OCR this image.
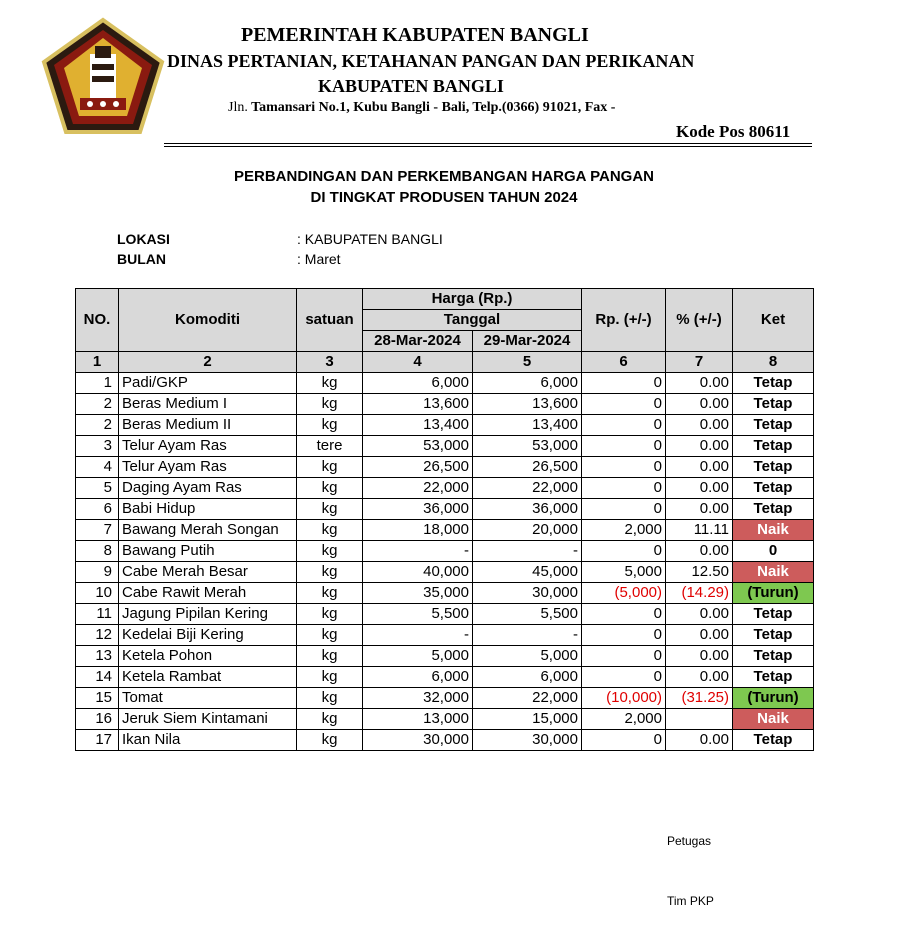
PEMERINTAH KABUPATEN BANGLI
DINAS PERTANIAN, KETAHANAN PANGAN DAN PERIKANAN
KABUPATEN BANGLI
Jln. Tamansari No.1, Kubu Bangli - Bali, Telp.(0366) 91021, Fax -
Kode Pos 80611
PERBANDINGAN DAN PERKEMBANGAN HARGA PANGAN
DI TINGKAT PRODUSEN TAHUN 2024
LOKASI	: KABUPATEN BANGLI
BULAN	: Maret
NO.	Komoditi	satuan	Harga (Rp.)		Rp. (+/-)	% (+/-)	Ket
			Tanggal				
			28-Mar-2024	29-Mar-2024			
1	2	3	4	5	6	7	8
1	Padi/GKP	kg	6,000	6,000	0	0.00	Tetap
2	Beras Medium I	kg	13,600	13,600	0	0.00	Tetap
2	Beras Medium II	kg	13,400	13,400	0	0.00	Tetap
3	Telur Ayam Ras	tere	53,000	53,000	0	0.00	Tetap
4	Telur Ayam Ras	kg	26,500	26,500	0	0.00	Tetap
5	Daging Ayam Ras	kg	22,000	22,000	0	0.00	Tetap
6	Babi Hidup	kg	36,000	36,000	0	0.00	Tetap
7	Bawang Merah Songan	kg	18,000	20,000	2,000	11.11	Naik
8	Bawang Putih	kg	-	-	0	0.00	0
9	Cabe Merah Besar	kg	40,000	45,000	5,000	12.50	Naik
10	Cabe Rawit Merah	kg	35,000	30,000	(5,000)	(14.29)	(Turun)
11	Jagung Pipilan Kering	kg	5,500	5,500	0	0.00	Tetap
12	Kedelai Biji Kering	kg	-	-	0	0.00	Tetap
13	Ketela Pohon	kg	5,000	5,000	0	0.00	Tetap
14	Ketela Rambat	kg	6,000	6,000	0	0.00	Tetap
15	Tomat	kg	32,000	22,000	(10,000)	(31.25)	(Turun)
16	Jeruk Siem Kintamani	kg	13,000	15,000	2,000		Naik
17	Ikan Nila	kg	30,000	30,000	0	0.00	Tetap
Petugas
Tim PKP
